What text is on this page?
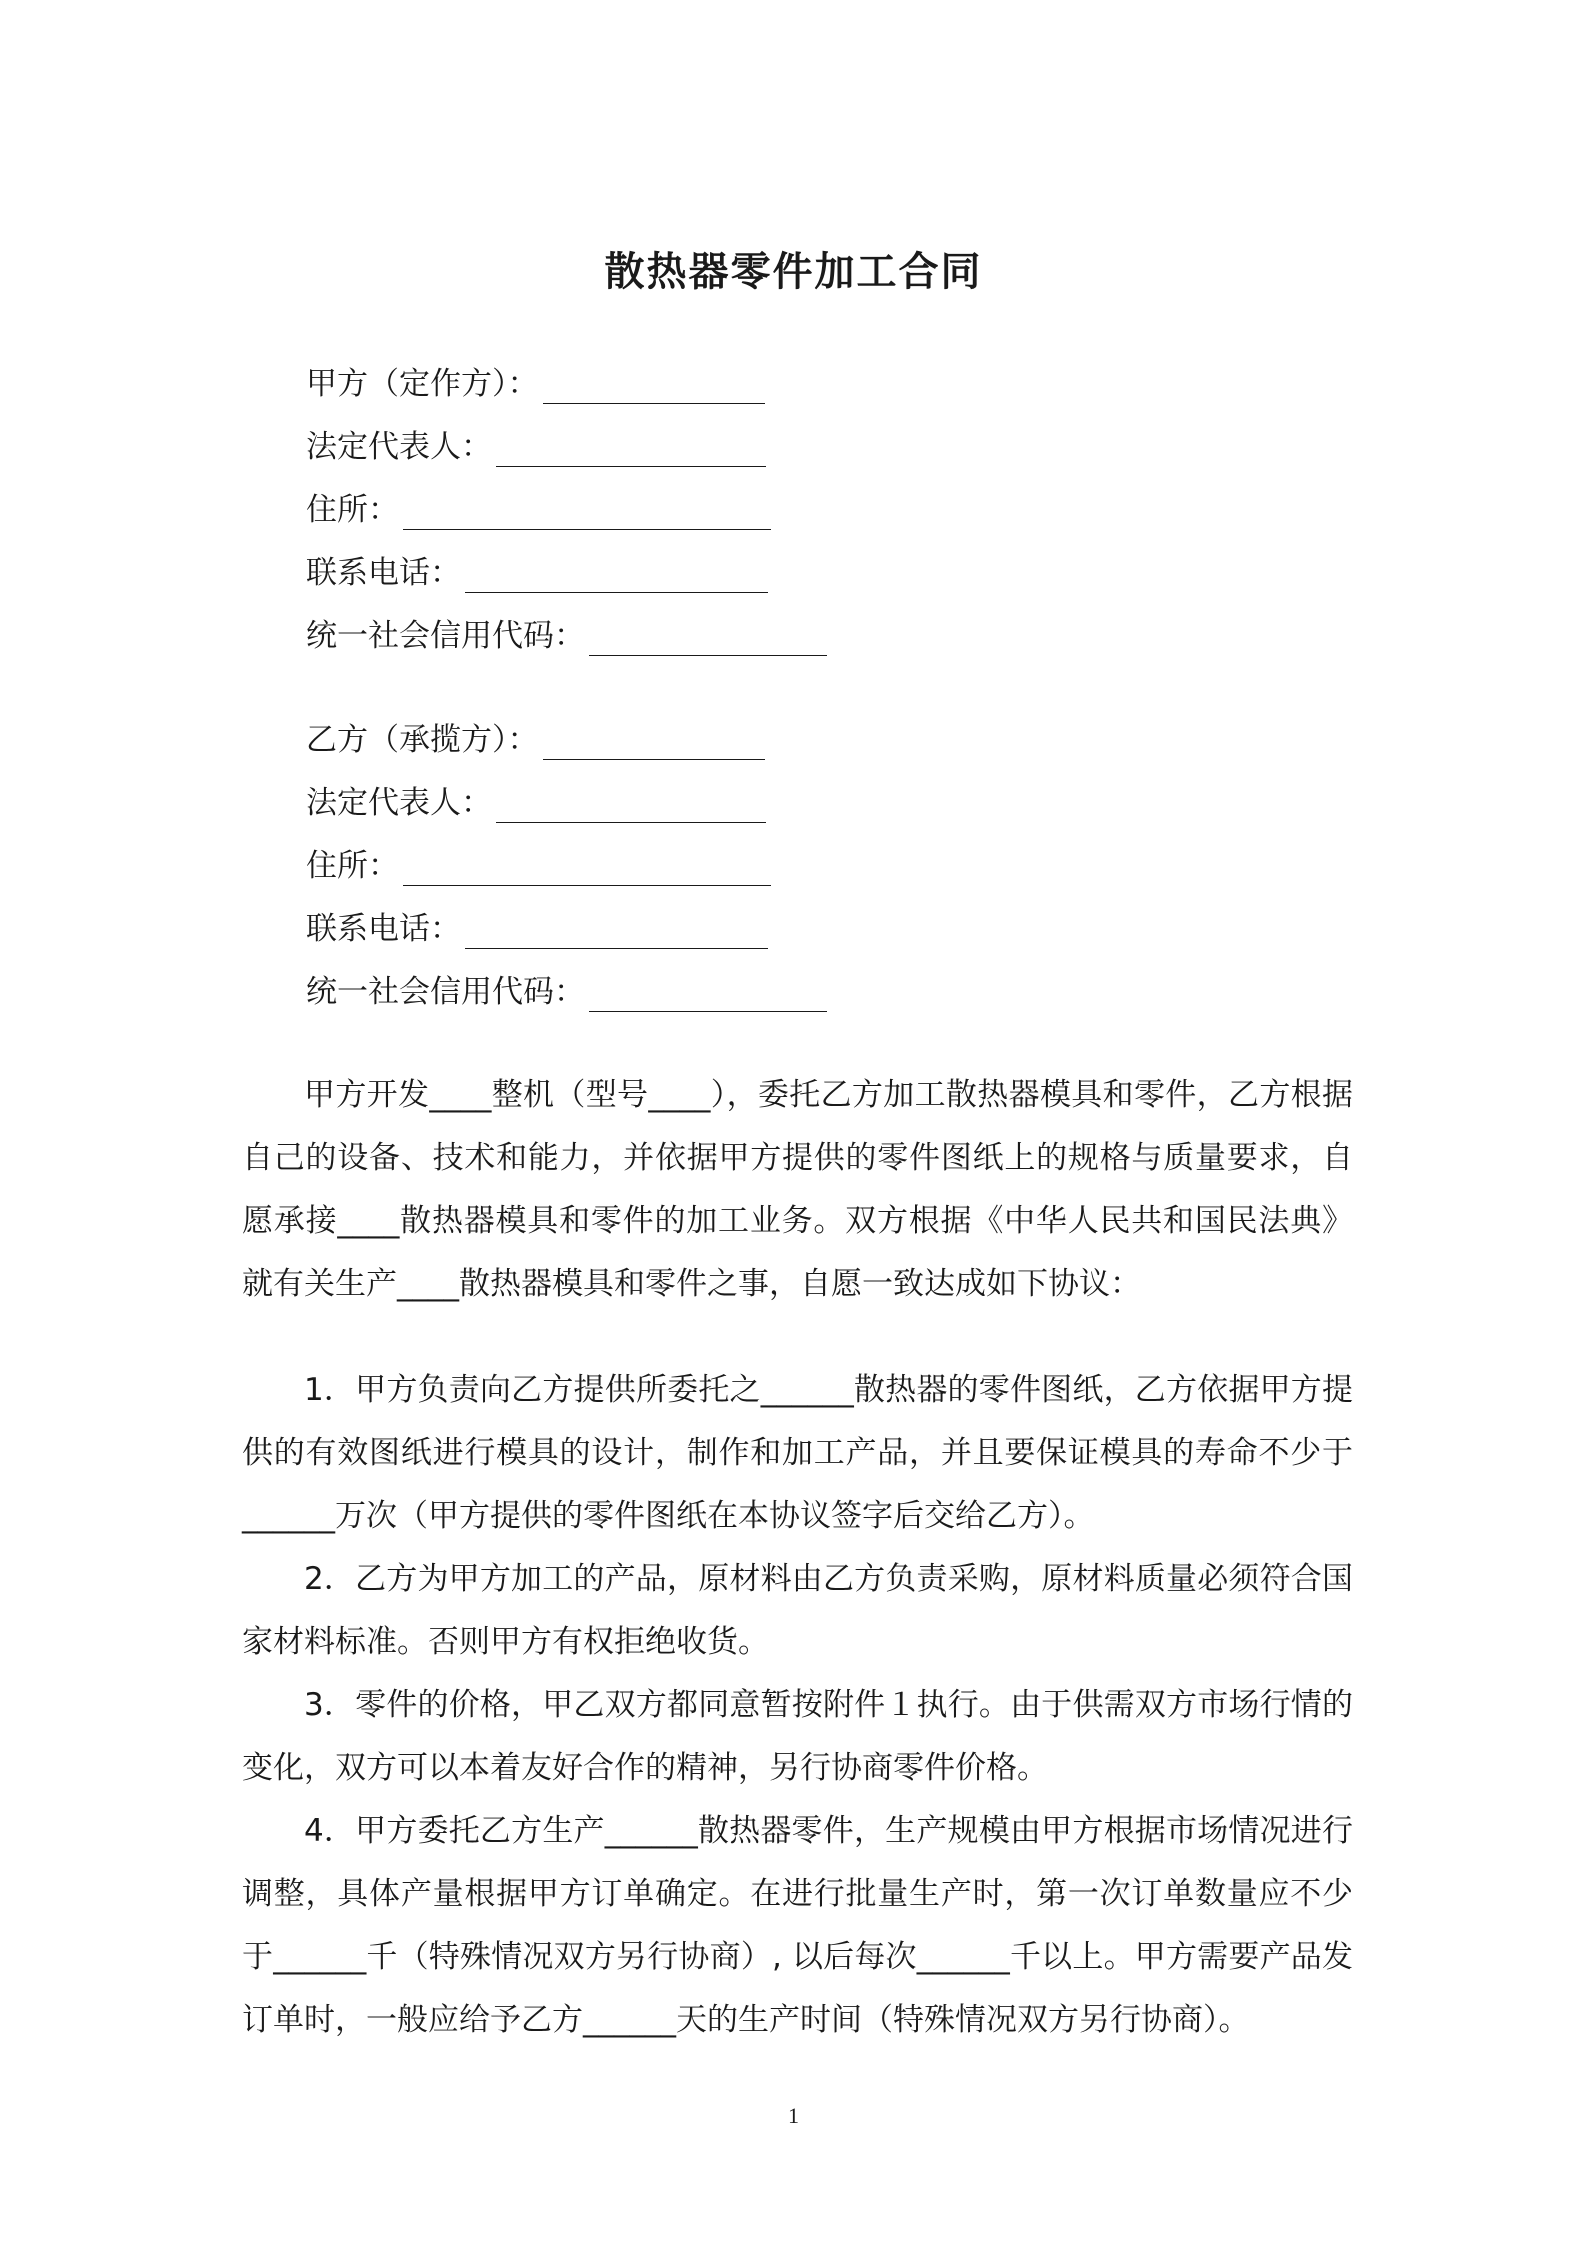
散热器零件加工合同
甲方（定作方）：
法定代表人：
住所：
联系电话：
统一社会信用代码：
乙方（承揽方）：
法定代表人：
住所：
联系电话：
统一社会信用代码：

甲方开发____整机（型号____），委托乙方加工散热器模具和零件，乙方根据自己的设备、技术和能力，并依据甲方提供的零件图纸上的规格与质量要求，自愿承接____散热器模具和零件的加工业务。双方根据《中华人民共和国民法典》就有关生产____散热器模具和零件之事，自愿一致达成如下协议：

1．甲方负责向乙方提供所委托之______散热器的零件图纸，乙方依据甲方提供的有效图纸进行模具的设计，制作和加工产品，并且要保证模具的寿命不少于______万次（甲方提供的零件图纸在本协议签字后交给乙方）。

2．乙方为甲方加工的产品，原材料由乙方负责采购，原材料质量必须符合国家材料标准。否则甲方有权拒绝收货。

3．零件的价格，甲乙双方都同意暂按附件１执行。由于供需双方市场行情的变化，双方可以本着友好合作的精神，另行协商零件价格。

4．甲方委托乙方生产______散热器零件，生产规模由甲方根据市场情况进行调整，具体产量根据甲方订单确定。在进行批量生产时，第一次订单数量应不少于______千（特殊情况双方另行协商）, 以后每次______千以上。甲方需要产品发订单时，一般应给予乙方______天的生产时间（特殊情况双方另行协商）。

1
